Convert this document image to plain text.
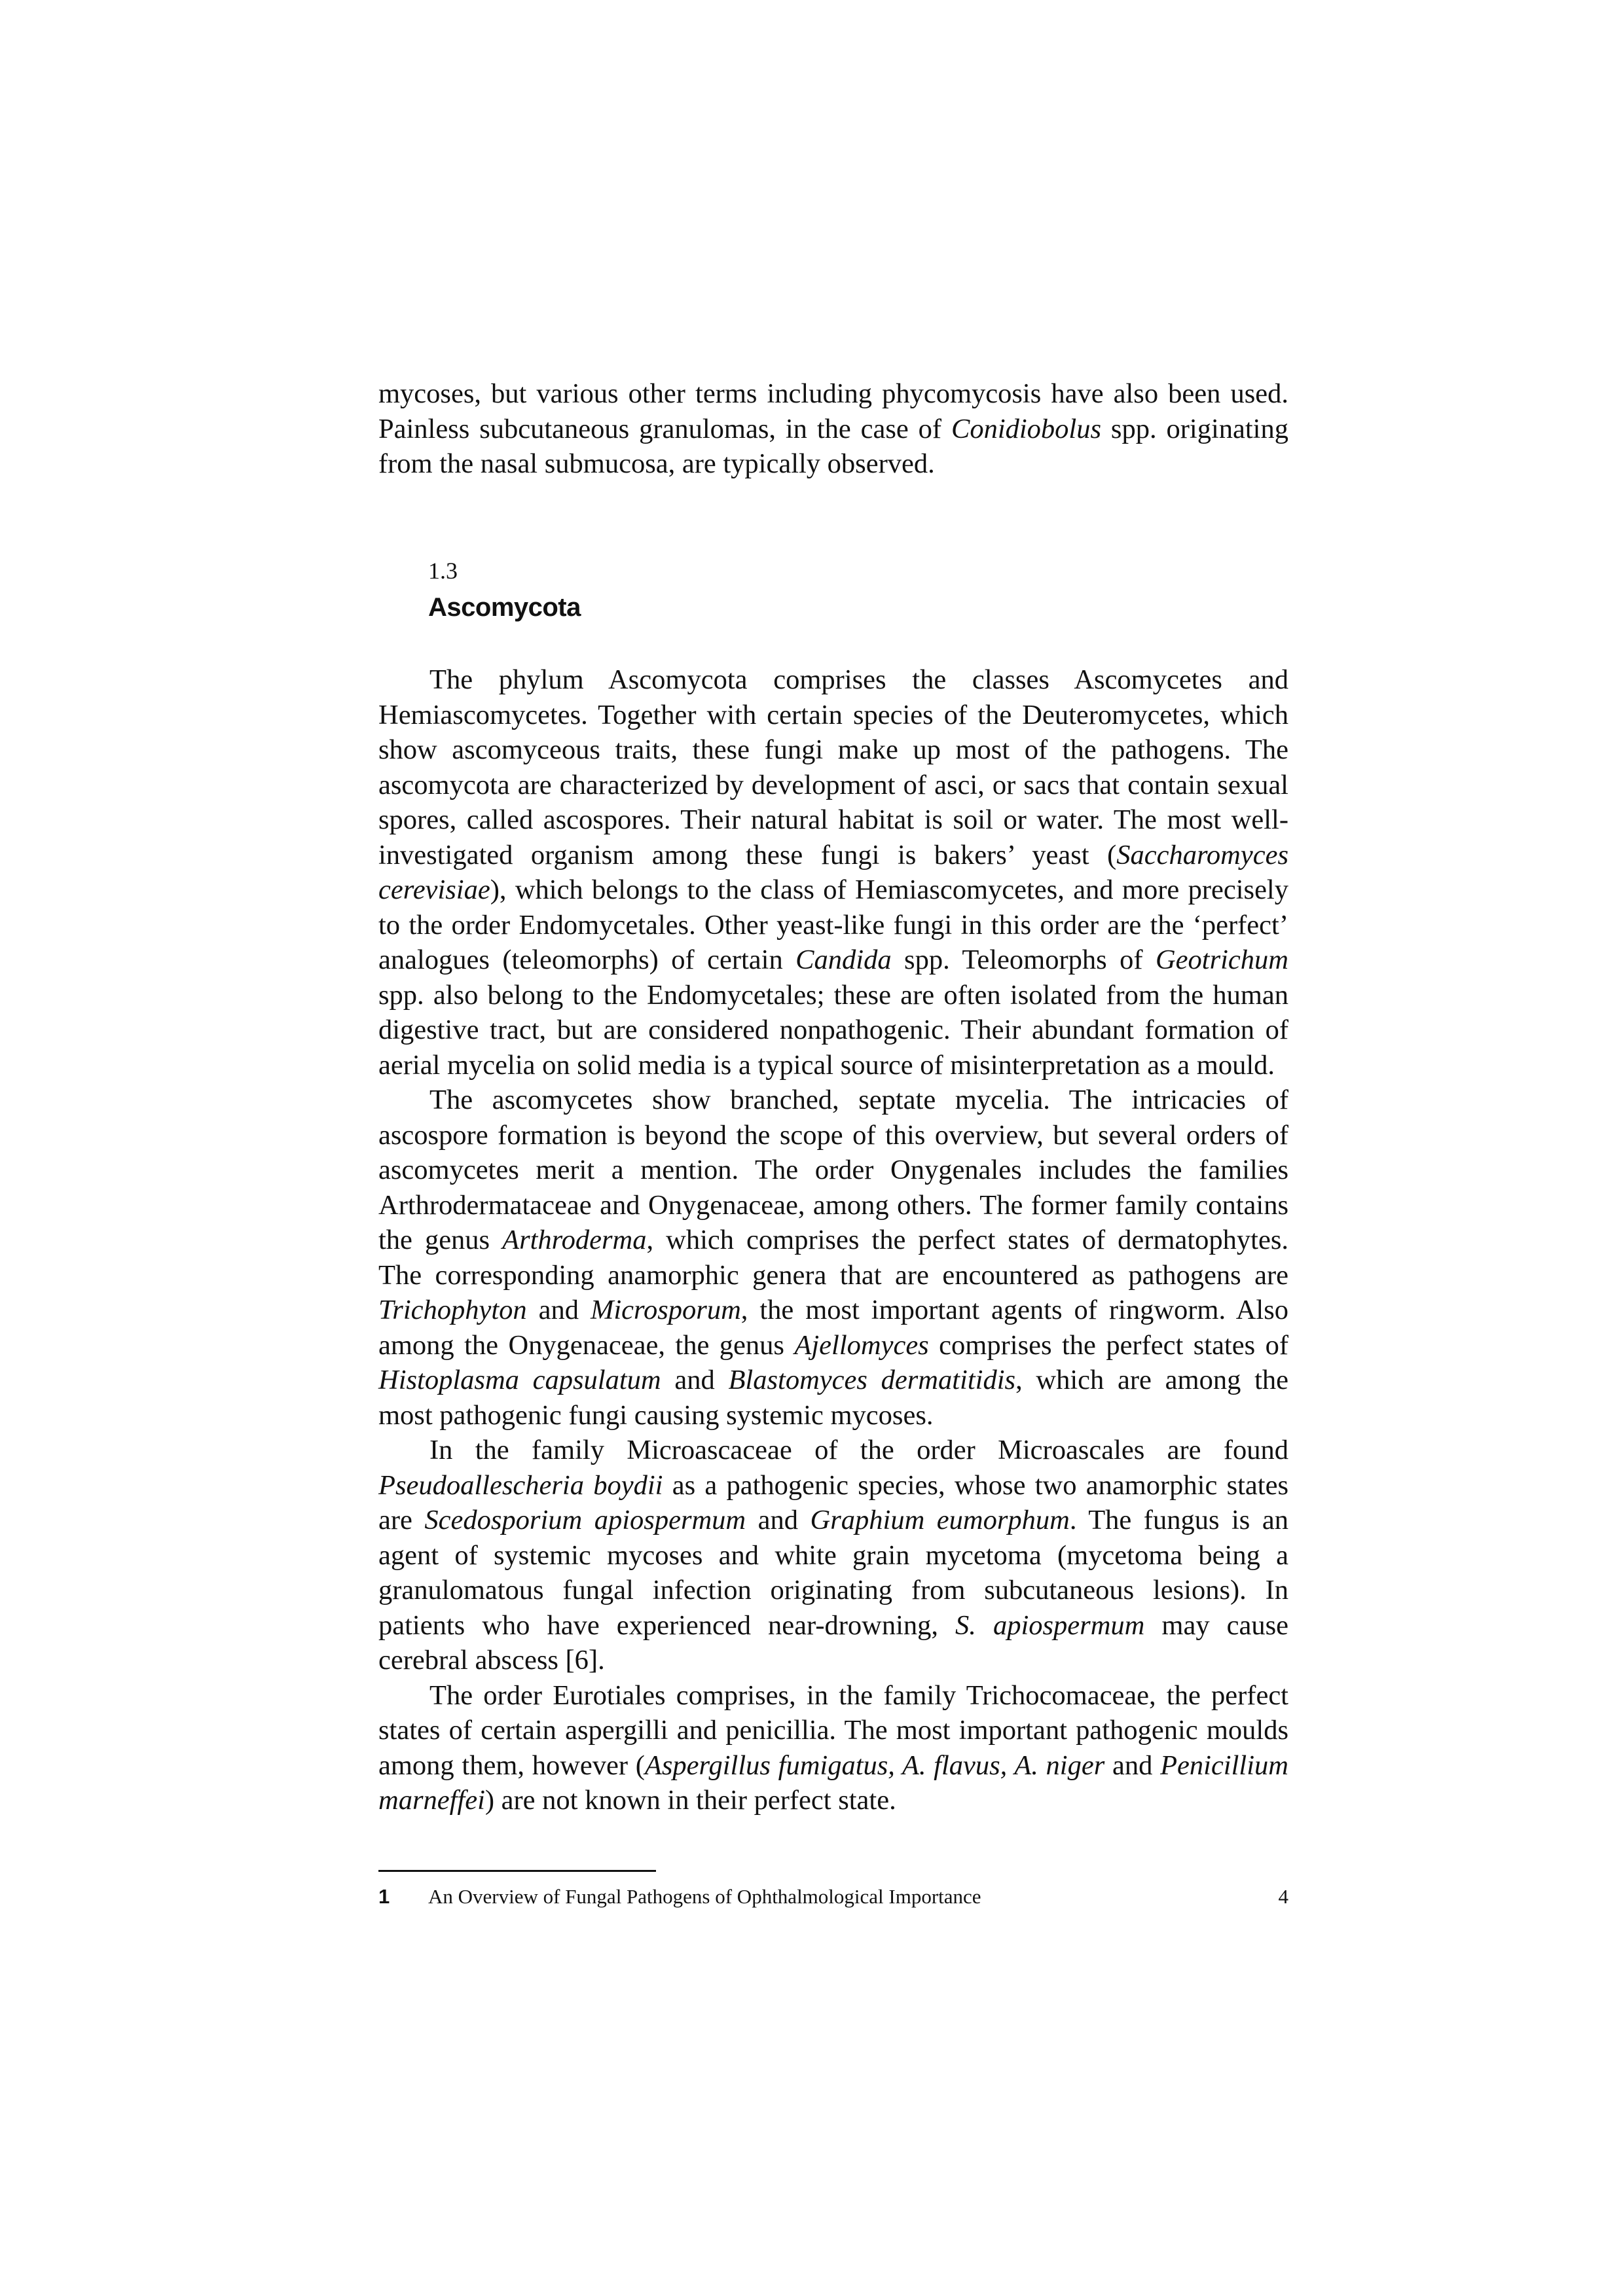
mycoses, but various other terms including phycomycosis have also been used. Painless subcutaneous granulomas, in the case of Conidiobolus spp. originating from the nasal submucosa, are typically observed.

1.3
Ascomycota

The phylum Ascomycota comprises the classes Ascomycetes and Hemiascomycetes. Together with certain species of the Deuteromycetes, which show ascomyceous traits, these fungi make up most of the pathogens. The ascomycota are characterized by development of asci, or sacs that contain sexual spores, called ascospores. Their natural habitat is soil or water. The most well-investigated organism among these fungi is bakers’ yeast (Saccharomyces cerevisiae), which belongs to the class of Hemiascomycetes, and more precisely to the order Endomycetales. Other yeast-like fungi in this order are the ‘perfect’ analogues (teleomorphs) of certain Candida spp. Teleomorphs of Geotrichum spp. also belong to the Endomycetales; these are often isolated from the human digestive tract, but are considered nonpathogenic. Their abundant formation of aerial mycelia on solid media is a typical source of misinterpretation as a mould.

The ascomycetes show branched, septate mycelia. The intricacies of ascospore formation is beyond the scope of this overview, but several orders of ascomycetes merit a mention. The order Onygenales includes the families Arthrodermataceae and Onygenaceae, among others. The former family contains the genus Arthroderma, which comprises the perfect states of dermatophytes. The corresponding anamorphic genera that are encountered as pathogens are Trichophyton and Microsporum, the most important agents of ringworm. Also among the Onygenaceae, the genus Ajellomyces comprises the perfect states of Histoplasma capsulatum and Blastomyces dermatitidis, which are among the most pathogenic fungi causing systemic mycoses.

In the family Microascaceae of the order Microascales are found Pseudoallescheria boydii as a pathogenic species, whose two anamorphic states are Scedosporium apiospermum and Graphium eumorphum. The fungus is an agent of systemic mycoses and white grain mycetoma (mycetoma being a granulomatous fungal infection originating from subcutaneous lesions). In patients who have experienced near-drowning, S. apiospermum may cause cerebral abscess [6].

The order Eurotiales comprises, in the family Trichocomaceae, the perfect states of certain aspergilli and penicillia. The most important pathogenic moulds among them, however (Aspergillus fumigatus, A. flavus, A. niger and Penicillium marneffei) are not known in their perfect state.

1 An Overview of Fungal Pathogens of Ophthalmological Importance	4
